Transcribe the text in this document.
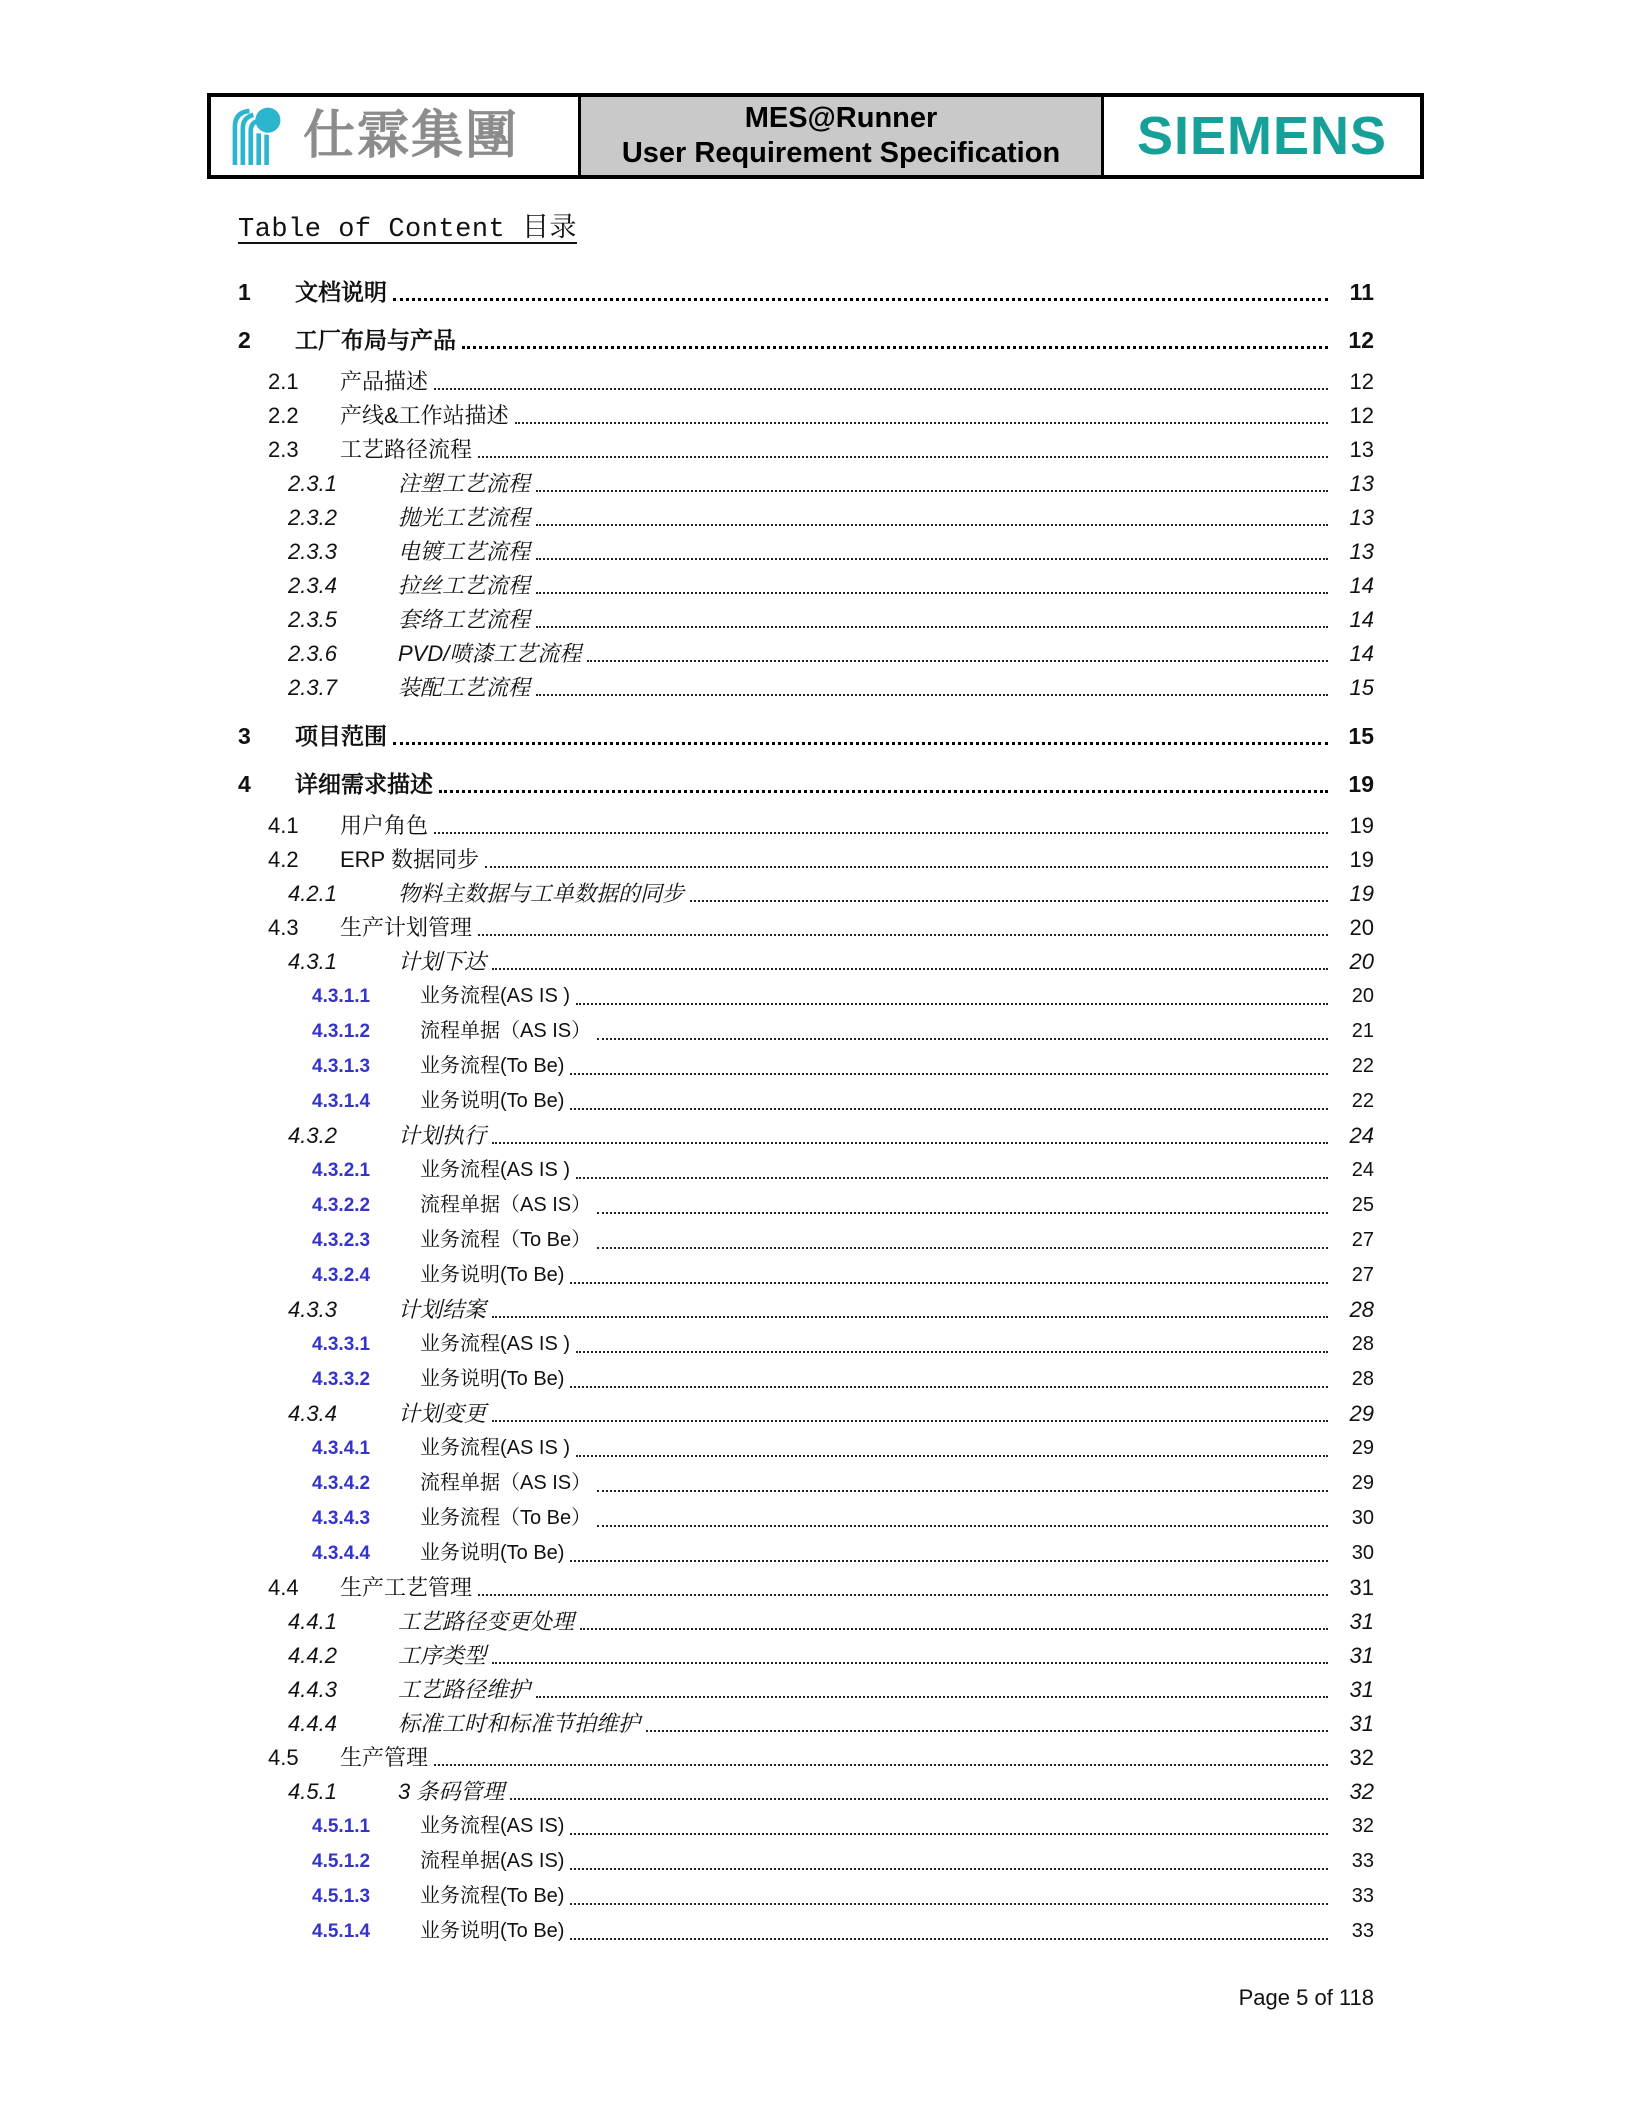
仕霖集團	MES@Runner
User Requirement Specification	SIEMENS
Table of Content 目录
1	文档说明	11
2	工厂布局与产品	12
2.1	产品描述	12
2.2	产线&工作站描述	12
2.3	工艺路径流程	13
2.3.1	注塑工艺流程	13
2.3.2	抛光工艺流程	13
2.3.3	电镀工艺流程	13
2.3.4	拉丝工艺流程	14
2.3.5	套络工艺流程	14
2.3.6	PVD/喷漆工艺流程	14
2.3.7	装配工艺流程	15
3	项目范围	15
4	详细需求描述	19
4.1	用户角色	19
4.2	ERP 数据同步	19
4.2.1	物料主数据与工单数据的同步	19
4.3	生产计划管理	20
4.3.1	计划下达	20
4.3.1.1	业务流程(AS IS )	20
4.3.1.2	流程单据（AS IS）	21
4.3.1.3	业务流程(To Be)	22
4.3.1.4	业务说明(To Be)	22
4.3.2	计划执行	24
4.3.2.1	业务流程(AS IS )	24
4.3.2.2	流程单据（AS IS）	25
4.3.2.3	业务流程（To Be）	27
4.3.2.4	业务说明(To Be)	27
4.3.3	计划结案	28
4.3.3.1	业务流程(AS IS )	28
4.3.3.2	业务说明(To Be)	28
4.3.4	计划变更	29
4.3.4.1	业务流程(AS IS )	29
4.3.4.2	流程单据（AS IS）	29
4.3.4.3	业务流程（To Be）	30
4.3.4.4	业务说明(To Be)	30
4.4	生产工艺管理	31
4.4.1	工艺路径变更处理	31
4.4.2	工序类型	31
4.4.3	工艺路径维护	31
4.4.4	标准工时和标准节拍维护	31
4.5	生产管理	32
4.5.1	3 条码管理	32
4.5.1.1	业务流程(AS IS)	32
4.5.1.2	流程单据(AS IS)	33
4.5.1.3	业务流程(To Be)	33
4.5.1.4	业务说明(To Be)	33
Page 5 of 118
